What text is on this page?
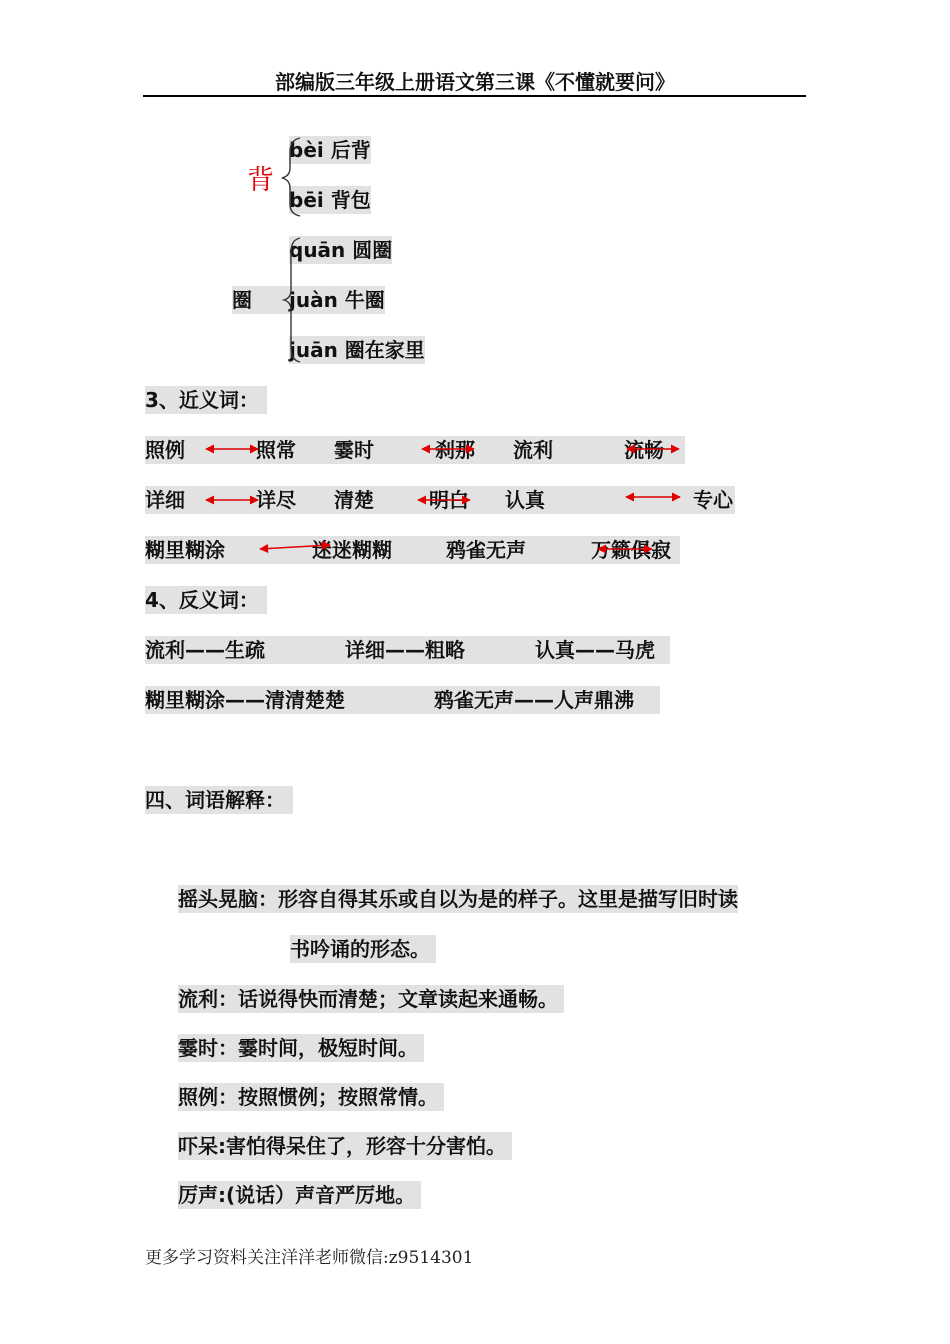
部编版三年级上册语文第三课《不懂就要问》
背
bèi 后背
bēi 背包
圈
quān 圆圈
juàn 牛圈
juān 圈在家里
3、近义词：
照例	照常 霎时	刹那 流利	流畅
详细	详尽 清楚	明白 认真	专心
糊里糊涂	迷迷糊糊	鸦雀无声	万籁俱寂
4、反义词：
流利——生疏	详细——粗略	认真——马虎
糊里糊涂——清清楚楚	鸦雀无声——人声鼎沸
四、词语解释：
摇头晃脑：形容自得其乐或自以为是的样子。这里是描写旧时读
书吟诵的形态。
流利：话说得快而清楚；文章读起来通畅。
霎时：霎时间，极短时间。
照例：按照惯例；按照常情。
吓呆:害怕得呆住了，形容十分害怕。
厉声:(说话）声音严厉地。
更多学习资料关注洋洋老师微信:z9514301
